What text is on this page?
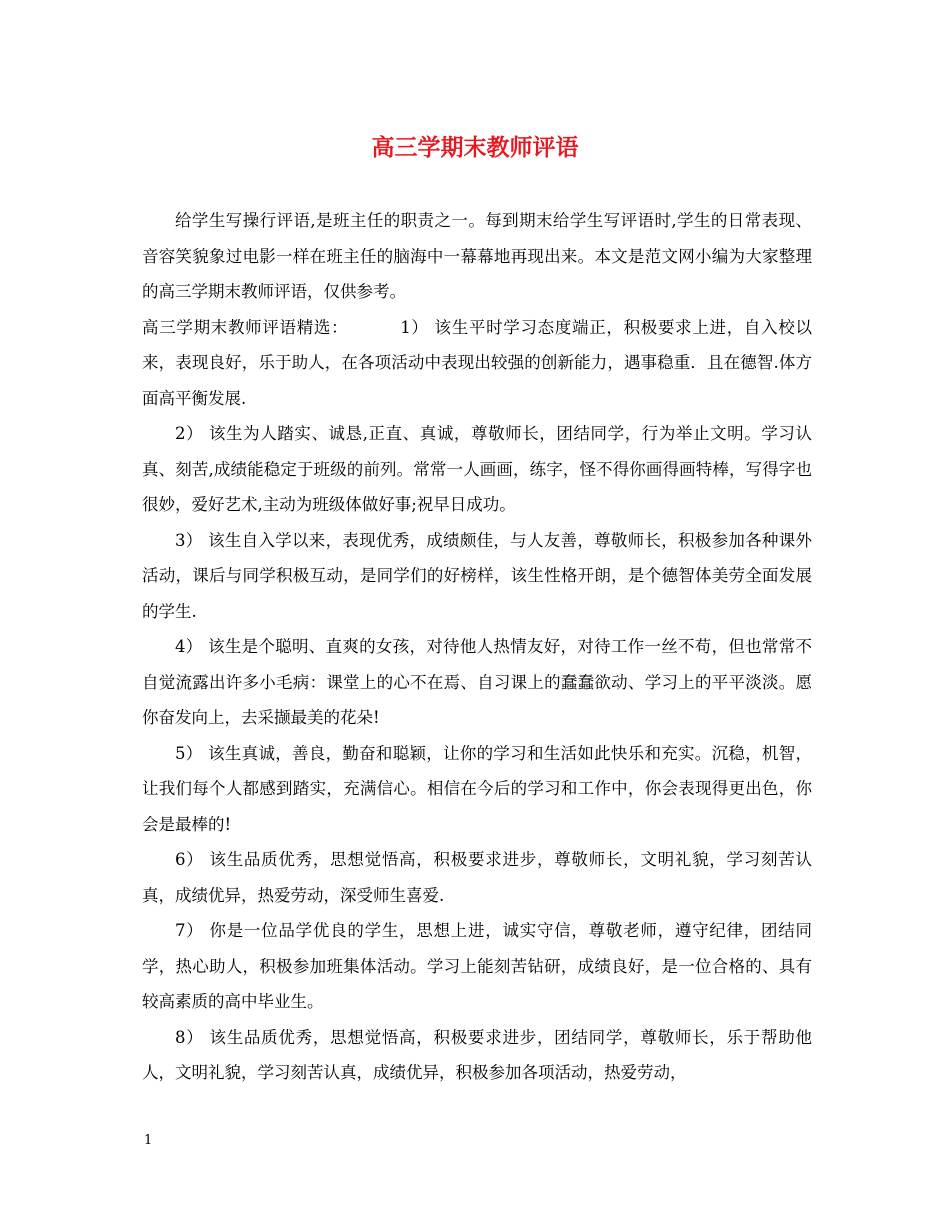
高三学期末教师评语

给学生写操行评语,是班主任的职责之一。每到期末给学生写评语时,学生的日常表现、音容笑貌象过电影一样在班主任的脑海中一幕幕地再现出来。本文是范文网小编为大家整理的高三学期末教师评语，仅供参考。

高三学期末教师评语精选：	1） 该生平时学习态度端正，积极要求上进，自入校以来，表现良好，乐于助人，在各项活动中表现出较强的创新能力，遇事稳重．且在德智.体方面高平衡发展.

2） 该生为人踏实、诚恳,正直、真诚，尊敬师长，团结同学，行为举止文明。学习认真、刻苦,成绩能稳定于班级的前列。常常一人画画，练字，怪不得你画得画特棒，写得字也很妙，爱好艺术,主动为班级体做好事;祝早日成功。

3） 该生自入学以来，表现优秀，成绩颇佳，与人友善，尊敬师长，积极参加各种课外活动，课后与同学积极互动，是同学们的好榜样，该生性格开朗，是个德智体美劳全面发展的学生.

4） 该生是个聪明、直爽的女孩，对待他人热情友好，对待工作一丝不苟，但也常常不自觉流露出许多小毛病：课堂上的心不在焉、自习课上的蠢蠢欲动、学习上的平平淡淡。愿你奋发向上，去采撷最美的花朵!

5） 该生真诚，善良，勤奋和聪颖，让你的学习和生活如此快乐和充实。沉稳，机智，让我们每个人都感到踏实，充满信心。相信在今后的学习和工作中，你会表现得更出色，你会是最棒的!

6） 该生品质优秀，思想觉悟高，积极要求进步，尊敬师长，文明礼貌，学习刻苦认真，成绩优异，热爱劳动，深受师生喜爱.

7） 你是一位品学优良的学生，思想上进，诚实守信，尊敬老师，遵守纪律，团结同学，热心助人，积极参加班集体活动。学习上能刻苦钻研，成绩良好，是一位合格的、具有较高素质的高中毕业生。

8） 该生品质优秀，思想觉悟高，积极要求进步，团结同学，尊敬师长，乐于帮助他人，文明礼貌，学习刻苦认真，成绩优异，积极参加各项活动，热爱劳动，

1
